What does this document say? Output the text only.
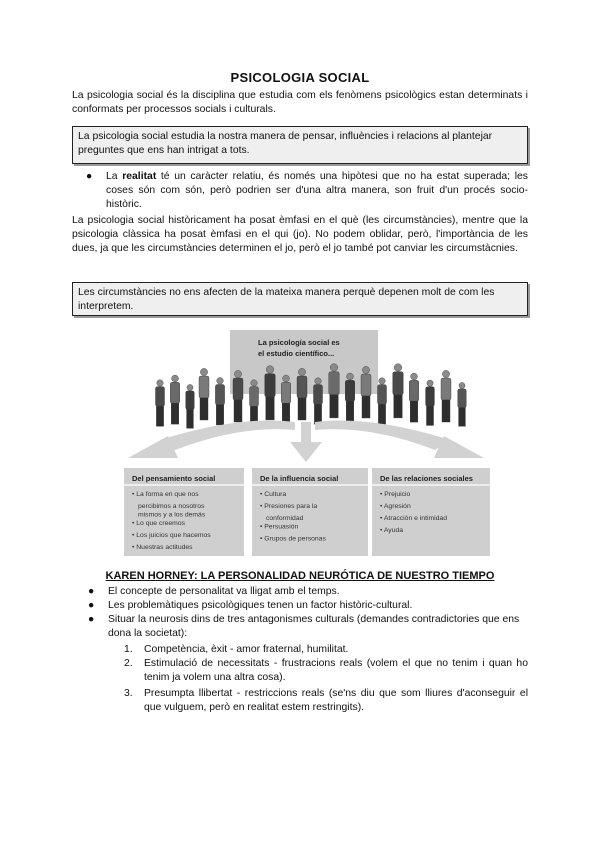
PSICOLOGIA SOCIAL
La psicologia social és la disciplina que estudia com els fenòmens psicològics estan determinats i conformats per processos socials i culturals.
La psicologia social estudia la nostra manera de pensar, influències i relacions al plantejar preguntes que ens han intrigat a tots.
● La realitat té un caràcter relatiu, és només una hipòtesi que no ha estat superada; les coses són com són, però podrien ser d'una altra manera, son fruit d'un procés socio-històric.
La psicologia social històricament ha posat èmfasi en el què (les circumstàncies), mentre que la psicologia clàssica ha posat èmfasi en el qui (jo). No podem oblidar, però, l'importància de les dues, ja que les circumstàncies determinen el jo, però el jo també pot canviar les circumstàcnies.
Les circumstàncies no ens afecten de la mateixa manera perquè depenen molt de com les interpretem.
La psicología social es
el estudio científico...
Del pensamiento social
• La forma en que nos
percibimos a nosotros
mismos y a los demás
• Lo que creemos
• Los juicios que hacemos
• Nuestras actitudes
De la influencia social
• Cultura
• Presiones para la
conformidad
• Persuasión
• Grupos de personas
De las relaciones sociales
• Prejuicio
• Agresión
• Atracción e intimidad
• Ayuda
KAREN HORNEY: LA PERSONALIDAD NEURÓTICA DE NUESTRO TIEMPO
● El concepte de personalitat va lligat amb el temps.
● Les problemàtiques psicològiques tenen un factor històric-cultural.
● Situar la neurosis dins de tres antagonismes culturals (demandes contradictories que ens dona la societat):
1. Competència, èxit - amor fraternal, humilitat.
2. Estimulació de necessitats - frustracions reals (volem el que no tenim i quan ho tenim ja volem una altra cosa).
3. Presumpta llibertat - restriccions reals (se'ns diu que som lliures d'aconseguir el que vulguem, però en realitat estem restringits).
